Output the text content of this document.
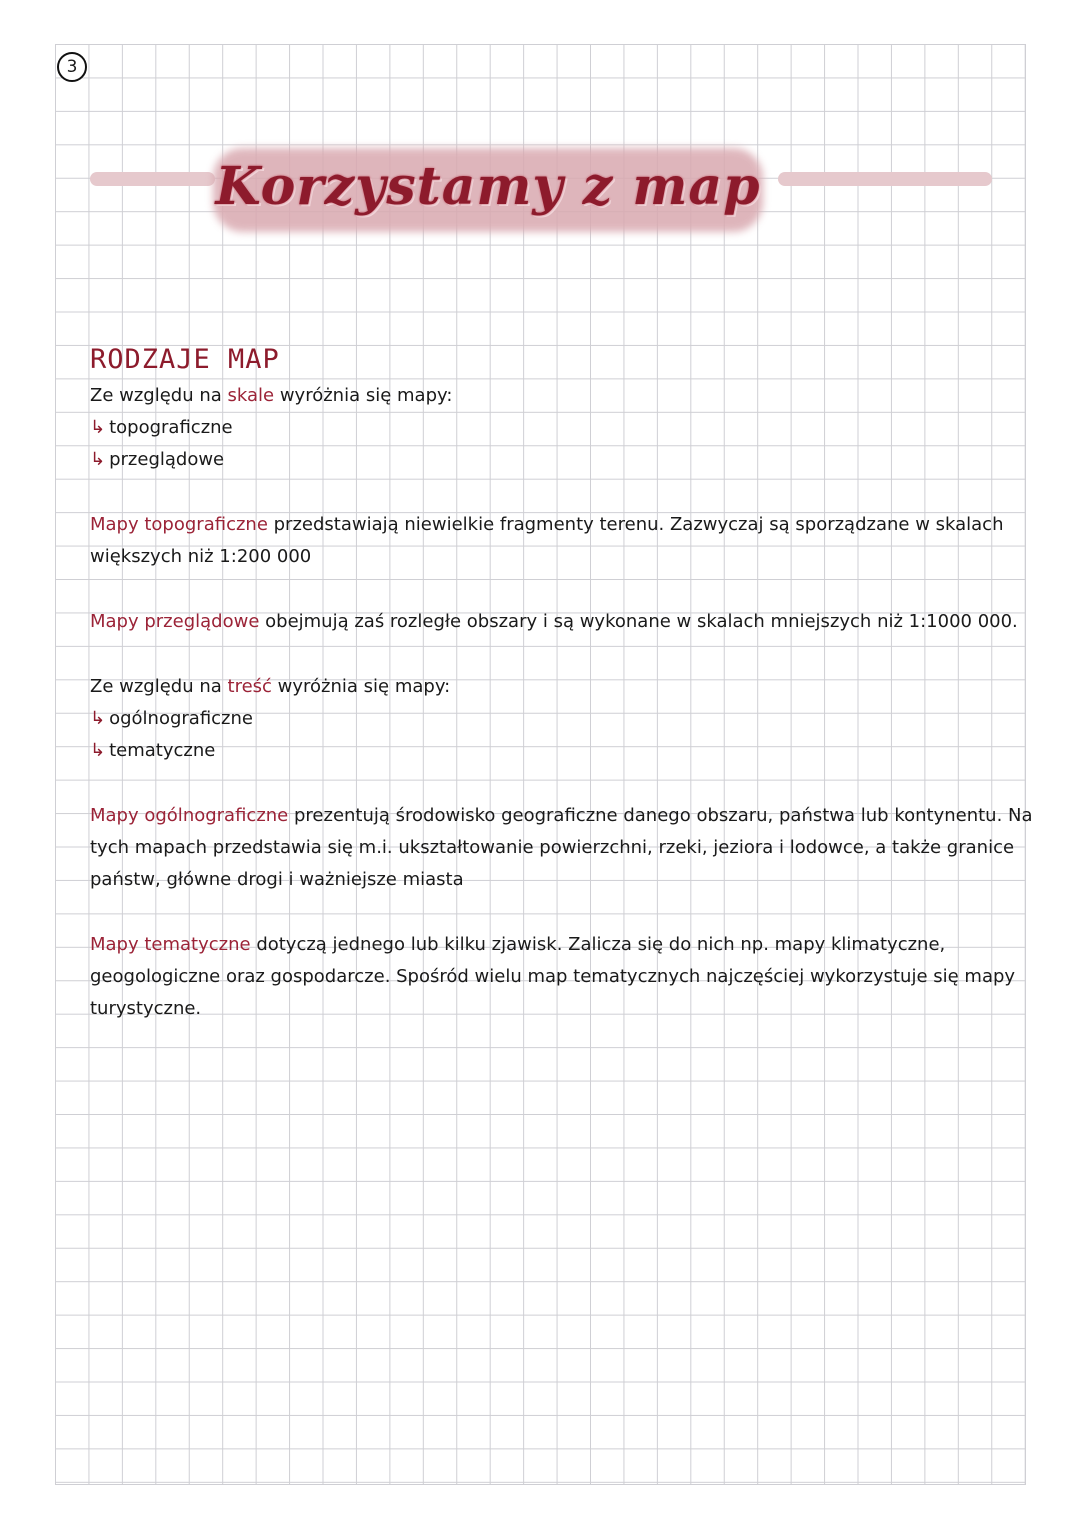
3
Korzystamy z map
RODZAJE MAP

Ze względu na skale wyróżnia się mapy:

↳ topograficzne
↳ przeglądowe

Mapy topograficzne przedstawiają niewielkie fragmenty terenu. Zazwyczaj są sporządzane w skalach większych niż 1:200 000

Mapy przeglądowe obejmują zaś rozległe obszary i są wykonane w skalach mniejszych niż 1:1000 000.

Ze względu na treść wyróżnia się mapy:

↳ ogólnograficzne
↳ tematyczne

Mapy ogólnograficzne prezentują środowisko geograficzne danego obszaru, państwa lub kontynentu. Na tych mapach przedstawia się m.i. ukształtowanie powierzchni, rzeki, jeziora i lodowce, a także granice państw, główne drogi i ważniejsze miasta

Mapy tematyczne dotyczą jednego lub kilku zjawisk. Zalicza się do nich np. mapy klimatyczne, geogologiczne oraz gospodarcze. Spośród wielu map tematycznych najczęściej wykorzystuje się mapy turystyczne.
